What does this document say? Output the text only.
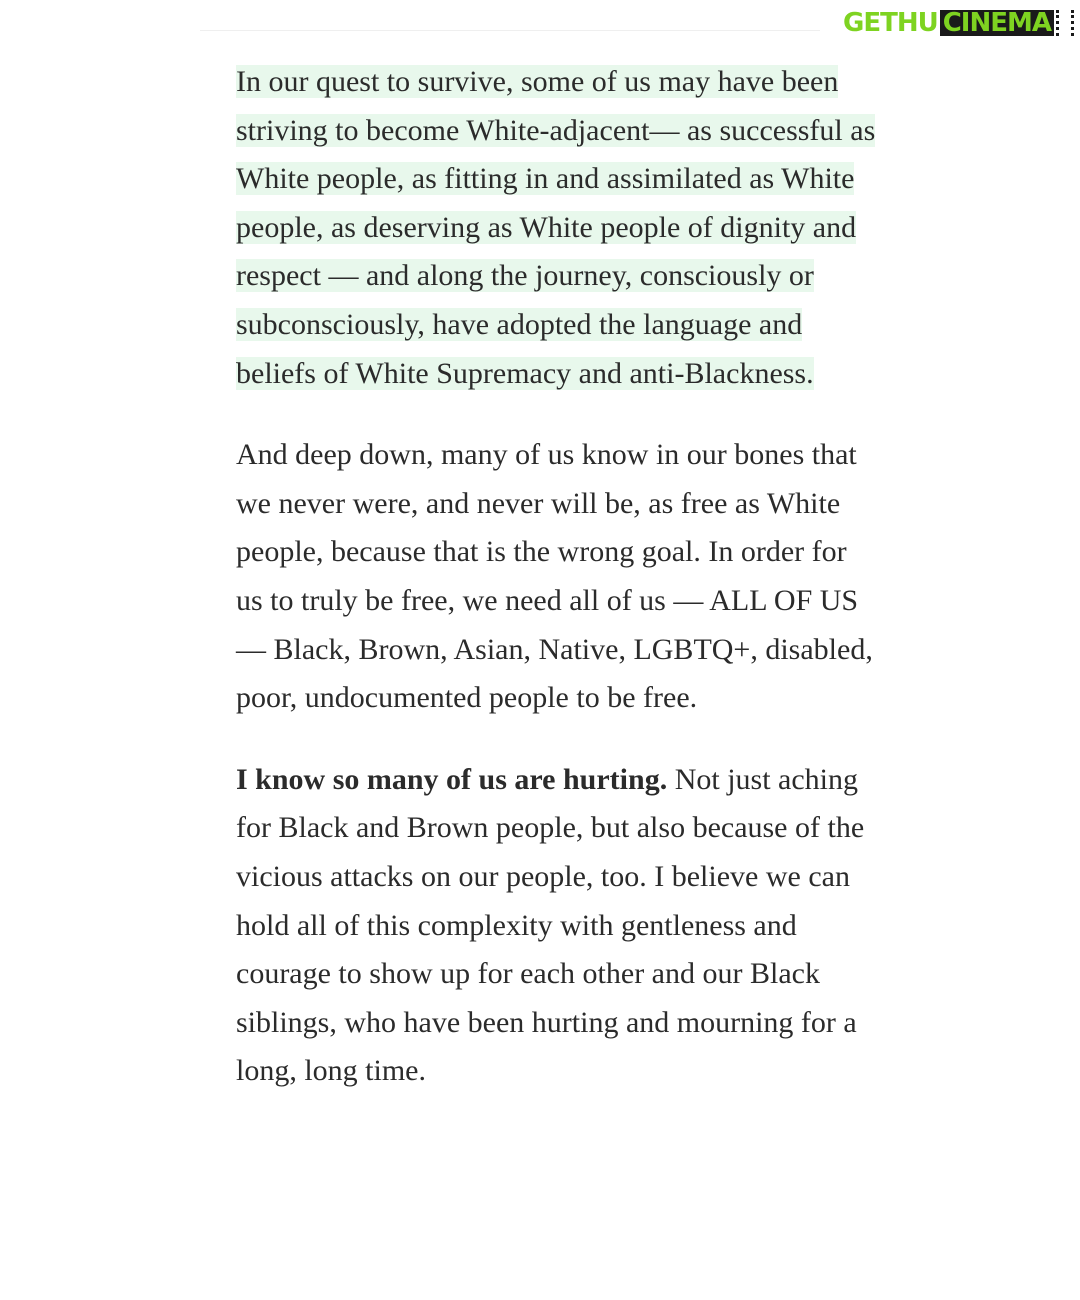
GETHU CINEMA

In our quest to survive, some of us may have been striving to become White-adjacent— as successful as White people, as fitting in and assimilated as White people, as deserving as White people of dignity and respect — and along the journey, consciously or subconsciously, have adopted the language and beliefs of White Supremacy and anti-Blackness.

And deep down, many of us know in our bones that we never were, and never will be, as free as White people, because that is the wrong goal. In order for us to truly be free, we need all of us — ALL OF US — Black, Brown, Asian, Native, LGBTQ+, disabled, poor, undocumented people to be free.

I know so many of us are hurting. Not just aching for Black and Brown people, but also because of the vicious attacks on our people, too. I believe we can hold all of this complexity with gentleness and courage to show up for each other and our Black siblings, who have been hurting and mourning for a long, long time.
